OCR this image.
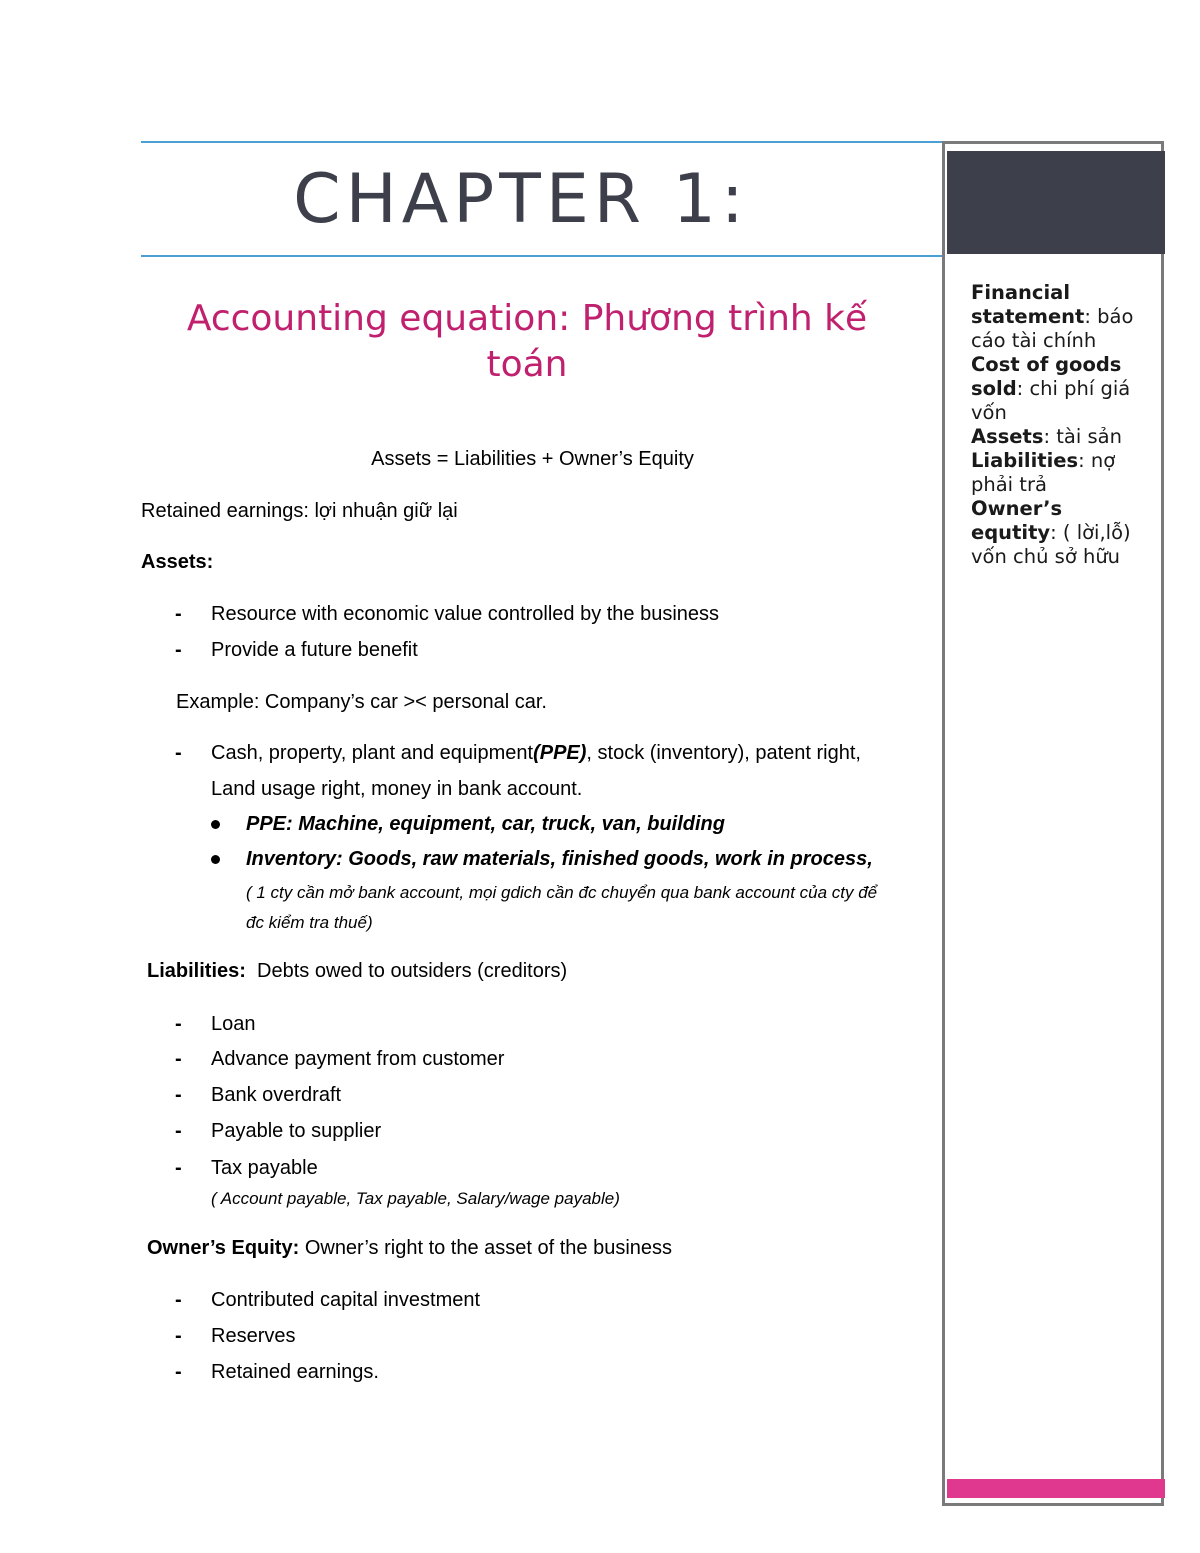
CHAPTER 1:
Accounting equation: Phương trình kế
toán
Assets = Liabilities + Owner’s Equity
Retained earnings: lợi nhuận giữ lại
Assets:
- Resource with economic value controlled by the business
- Provide a future benefit
Example: Company’s car >< personal car.
- Cash, property, plant and equipment(PPE), stock (inventory), patent right,
Land usage right, money in bank account.
PPE: Machine, equipment, car, truck, van, building
Inventory: Goods, raw materials, finished goods, work in process,
( 1 cty cần mở bank account, mọi gdich cần đc chuyển qua bank account của cty để
đc kiểm tra thuế)
Liabilities: Debts owed to outsiders (creditors)
- Loan
- Advance payment from customer
- Bank overdraft
- Payable to supplier
- Tax payable
( Account payable, Tax payable, Salary/wage payable)
Owner’s Equity: Owner’s right to the asset of the business
- Contributed capital investment
- Reserves
- Retained earnings.
Financial statement: báo cáo tài chính
Cost of goods sold: chi phí giá vốn
Assets: tài sản
Liabilities: nợ phải trả
Owner’s equtity: ( lời,lỗ) vốn chủ sở hữu
